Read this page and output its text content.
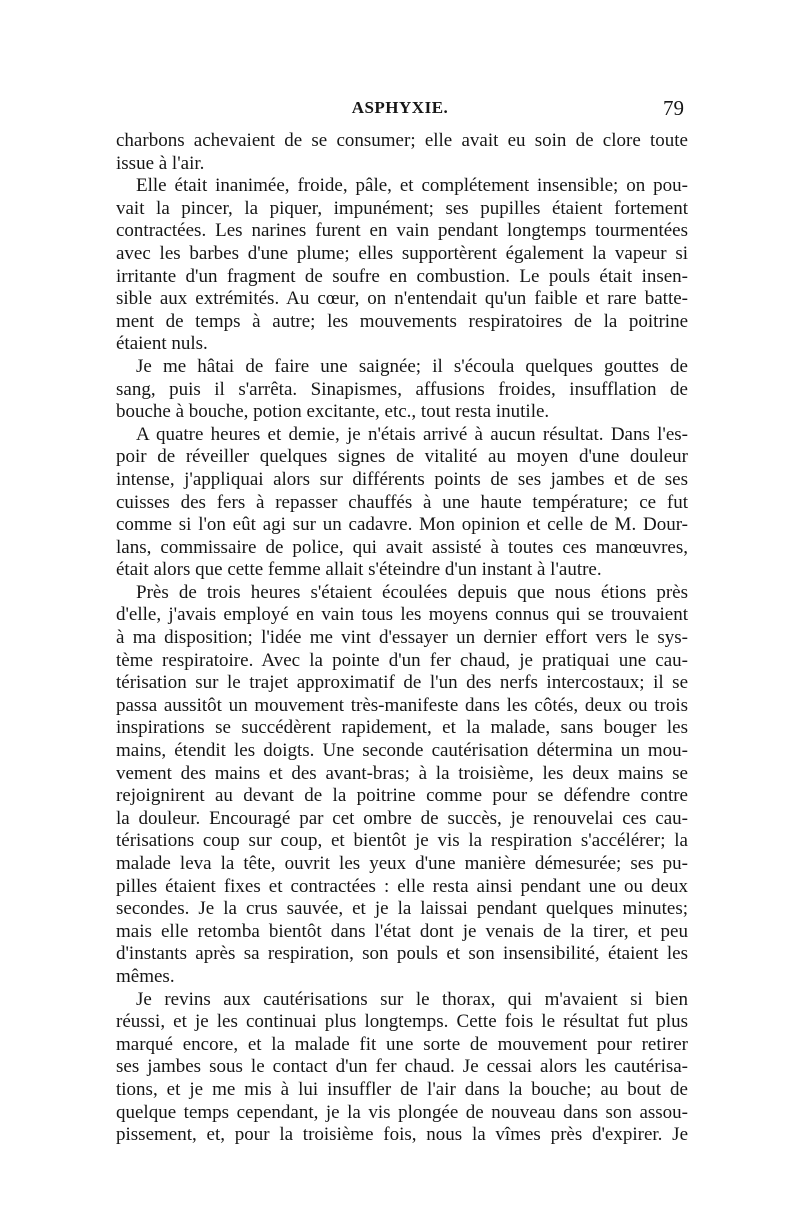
ASPHYXIE.	79
charbons achevaient de se consumer; elle avait eu soin de clore toute
issue à l'air.
Elle était inanimée, froide, pâle, et complétement insensible; on pou-
vait la pincer, la piquer, impunément; ses pupilles étaient fortement
contractées. Les narines furent en vain pendant longtemps tourmentées
avec les barbes d'une plume; elles supportèrent également la vapeur si
irritante d'un fragment de soufre en combustion. Le pouls était insen-
sible aux extrémités. Au cœur, on n'entendait qu'un faible et rare batte-
ment de temps à autre; les mouvements respiratoires de la poitrine
étaient nuls.
Je me hâtai de faire une saignée; il s'écoula quelques gouttes de
sang, puis il s'arrêta. Sinapismes, affusions froides, insufflation de
bouche à bouche, potion excitante, etc., tout resta inutile.
A quatre heures et demie, je n'étais arrivé à aucun résultat. Dans l'es-
poir de réveiller quelques signes de vitalité au moyen d'une douleur
intense, j'appliquai alors sur différents points de ses jambes et de ses
cuisses des fers à repasser chauffés à une haute température; ce fut
comme si l'on eût agi sur un cadavre. Mon opinion et celle de M. Dour-
lans, commissaire de police, qui avait assisté à toutes ces manœuvres,
était alors que cette femme allait s'éteindre d'un instant à l'autre.
Près de trois heures s'étaient écoulées depuis que nous étions près
d'elle, j'avais employé en vain tous les moyens connus qui se trouvaient
à ma disposition; l'idée me vint d'essayer un dernier effort vers le sys-
tème respiratoire. Avec la pointe d'un fer chaud, je pratiquai une cau-
térisation sur le trajet approximatif de l'un des nerfs intercostaux; il se
passa aussitôt un mouvement très-manifeste dans les côtés, deux ou trois
inspirations se succédèrent rapidement, et la malade, sans bouger les
mains, étendit les doigts. Une seconde cautérisation détermina un mou-
vement des mains et des avant-bras; à la troisième, les deux mains se
rejoignirent au devant de la poitrine comme pour se défendre contre
la douleur. Encouragé par cet ombre de succès, je renouvelai ces cau-
térisations coup sur coup, et bientôt je vis la respiration s'accélérer; la
malade leva la tête, ouvrit les yeux d'une manière démesurée; ses pu-
pilles étaient fixes et contractées : elle resta ainsi pendant une ou deux
secondes. Je la crus sauvée, et je la laissai pendant quelques minutes;
mais elle retomba bientôt dans l'état dont je venais de la tirer, et peu
d'instants après sa respiration, son pouls et son insensibilité, étaient les
mêmes.
Je revins aux cautérisations sur le thorax, qui m'avaient si bien
réussi, et je les continuai plus longtemps. Cette fois le résultat fut plus
marqué encore, et la malade fit une sorte de mouvement pour retirer
ses jambes sous le contact d'un fer chaud. Je cessai alors les cautérisa-
tions, et je me mis à lui insuffler de l'air dans la bouche; au bout de
quelque temps cependant, je la vis plongée de nouveau dans son assou-
pissement, et, pour la troisième fois, nous la vîmes près d'expirer. Je
